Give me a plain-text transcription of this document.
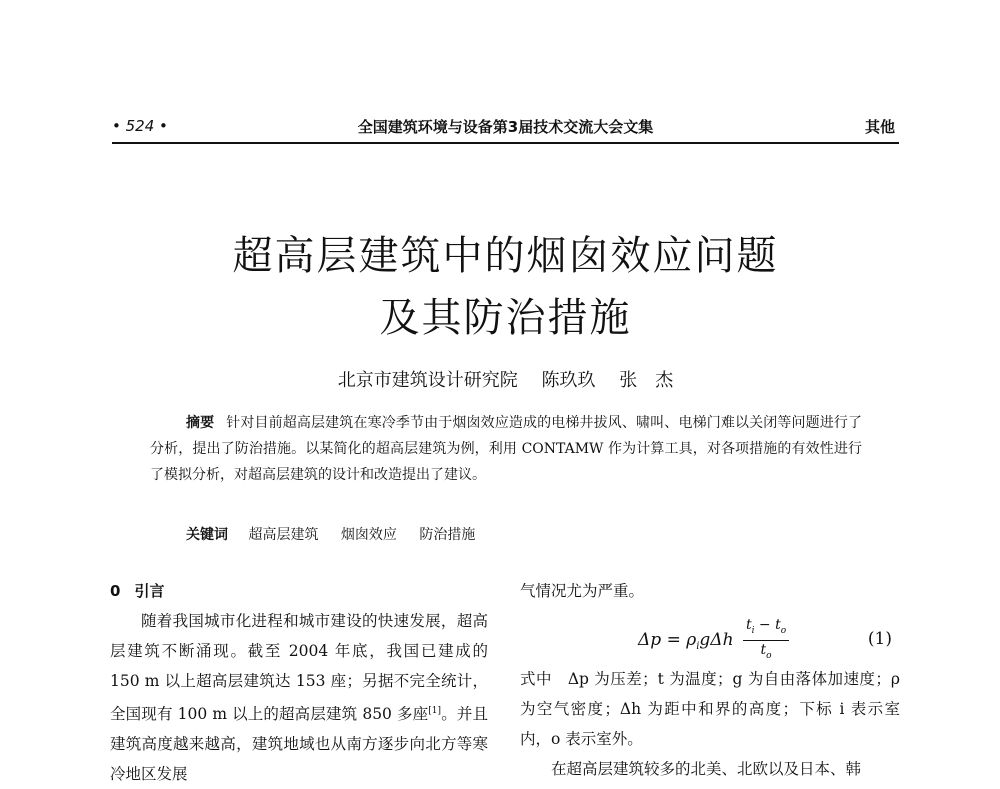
• 524 •	全国建筑环境与设备第3届技术交流大会文集	其他
超高层建筑中的烟囱效应问题
及其防治措施
北京市建筑设计研究院 陈玖玖 张　杰
摘要 针对目前超高层建筑在寒冷季节由于烟囱效应造成的电梯井拔风、啸叫、电梯门难以关闭等问题进行了分析，提出了防治措施。以某简化的超高层建筑为例，利用 CONTAMW 作为计算工具，对各项措施的有效性进行了模拟分析，对超高层建筑的设计和改造提出了建议。
关键词 超高层建筑 烟囱效应 防治措施
0 引言

随着我国城市化进程和城市建设的快速发展，超高层建筑不断涌现。截至 2004 年底，我国已建成的 150 m 以上超高层建筑达 153 座；另据不完全统计，全国现有 100 m 以上的超高层建筑 850 多座[1]。并且建筑高度越来越高，建筑地域也从南方逐步向北方等寒冷地区发展

气情况尤为严重。

$\Delta p = \rho_ig\Delta h \frac{t_i - t_o}{t_o}$	(1)

式中　Δp 为压差；t 为温度；g 为自由落体加速度；ρ 为空气密度；Δh 为距中和界的高度；下标 i 表示室内，o 表示室外。

在超高层建筑较多的北美、北欧以及日本、韩
